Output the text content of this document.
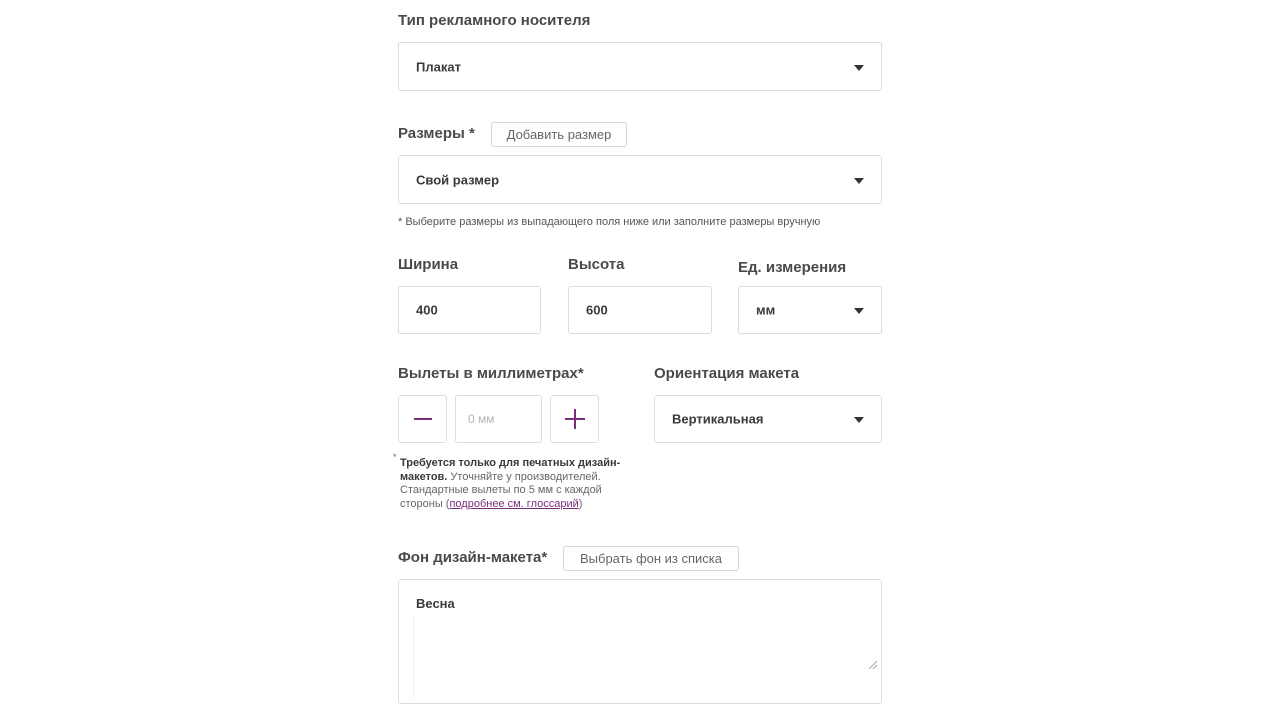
Тип рекламного носителя
Плакат
Размеры *	Добавить размер
Свой размер
* Выберите размеры из выпадающего поля ниже или заполните размеры вручную
Ширина
400
Высота
600
Ед. измерения
мм
Вылеты в миллиметрах*
0 мм
* Требуется только для печатных дизайн-макетов. Уточняйте у производителей. Стандартные вылеты по 5 мм с каждой стороны (подробнее см. глоссарий)
Ориентация макета
Вертикальная
Фон дизайн-макета*	Выбрать фон из списка
Весна
